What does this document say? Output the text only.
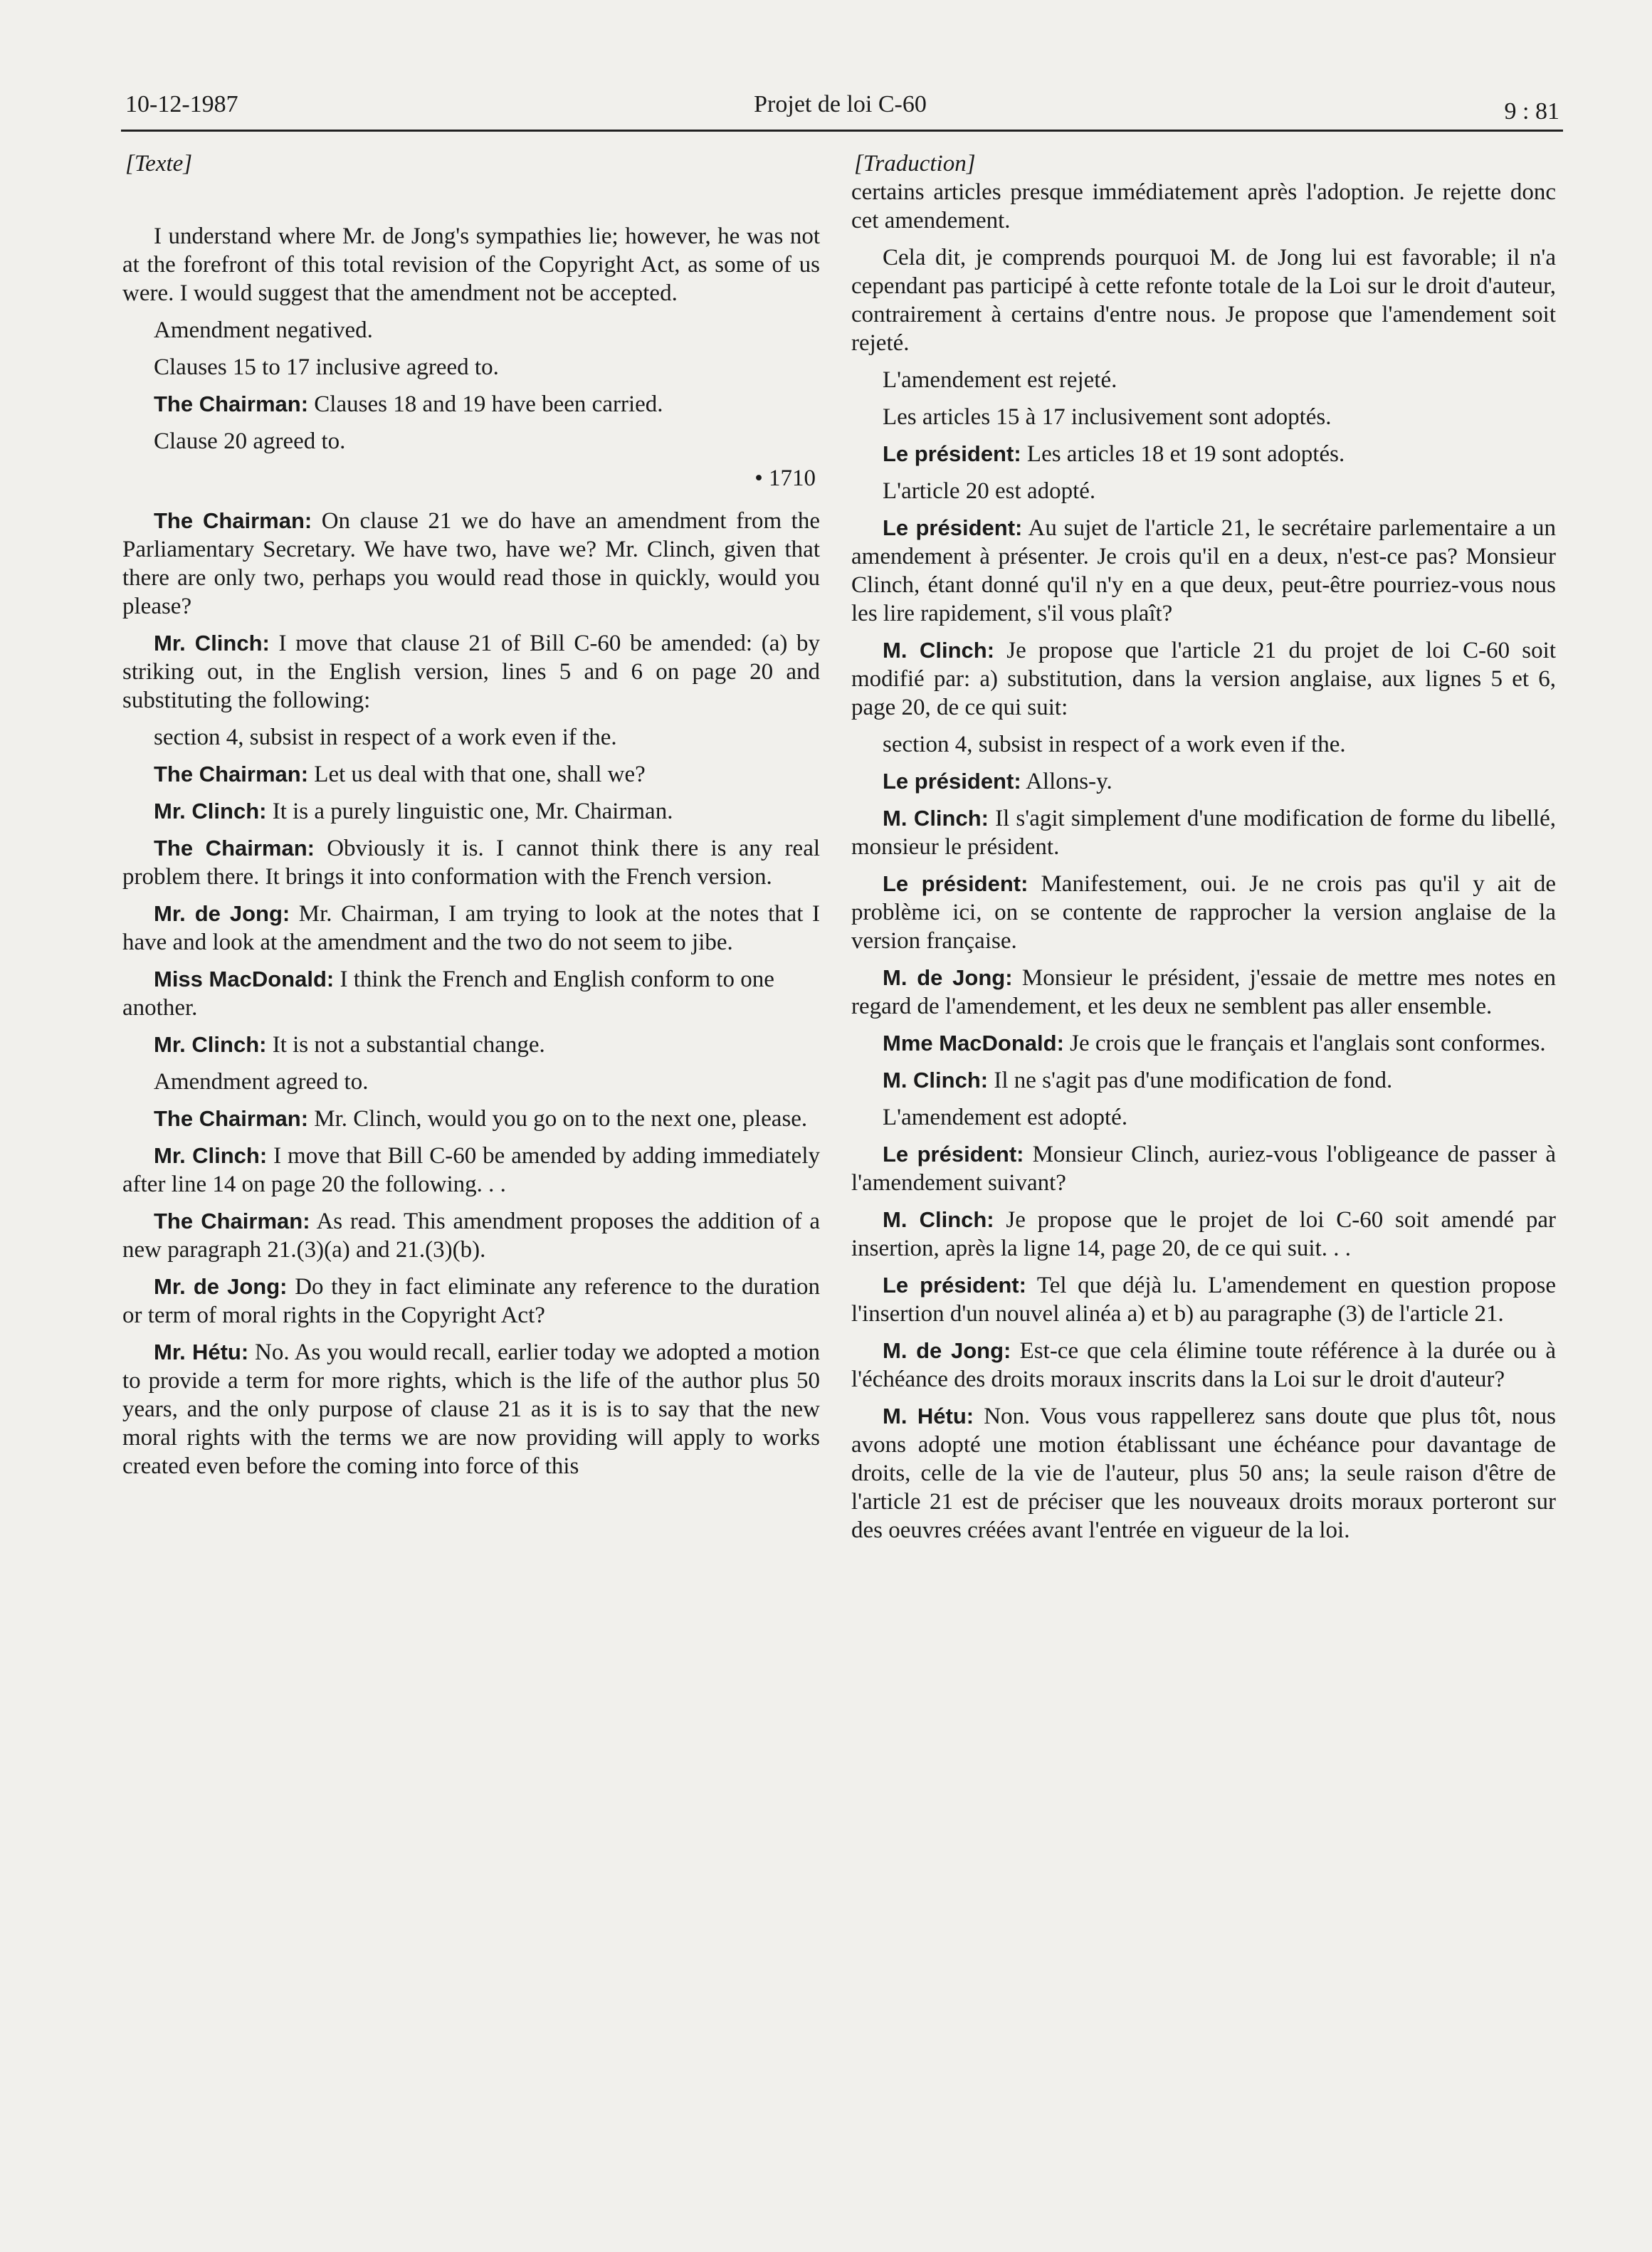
10-12-1987	Projet de loi C-60	9 : 81
[Texte]

I understand where Mr. de Jong's sympathies lie; however, he was not at the forefront of this total revision of the Copyright Act, as some of us were. I would suggest that the amendment not be accepted.

Amendment negatived.

Clauses 15 to 17 inclusive agreed to.

The Chairman: Clauses 18 and 19 have been carried.

Clause 20 agreed to.

• 1710

The Chairman: On clause 21 we do have an amendment from the Parliamentary Secretary. We have two, have we? Mr. Clinch, given that there are only two, perhaps you would read those in quickly, would you please?

Mr. Clinch: I move that clause 21 of Bill C-60 be amended: (a) by striking out, in the English version, lines 5 and 6 on page 20 and substituting the following:

section 4, subsist in respect of a work even if the.

The Chairman: Let us deal with that one, shall we?

Mr. Clinch: It is a purely linguistic one, Mr. Chairman.

The Chairman: Obviously it is. I cannot think there is any real problem there. It brings it into conformation with the French version.

Mr. de Jong: Mr. Chairman, I am trying to look at the notes that I have and look at the amendment and the two do not seem to jibe.

Miss MacDonald: I think the French and English conform to one another.

Mr. Clinch: It is not a substantial change.

Amendment agreed to.

The Chairman: Mr. Clinch, would you go on to the next one, please.

Mr. Clinch: I move that Bill C-60 be amended by adding immediately after line 14 on page 20 the following. . .

The Chairman: As read. This amendment proposes the addition of a new paragraph 21.(3)(a) and 21.(3)(b).

Mr. de Jong: Do they in fact eliminate any reference to the duration or term of moral rights in the Copyright Act?

Mr. Hétu: No. As you would recall, earlier today we adopted a motion to provide a term for more rights, which is the life of the author plus 50 years, and the only purpose of clause 21 as it is is to say that the new moral rights with the terms we are now providing will apply to works created even before the coming into force of this

[Traduction]

certains articles presque immédiatement après l'adoption. Je rejette donc cet amendement.

Cela dit, je comprends pourquoi M. de Jong lui est favorable; il n'a cependant pas participé à cette refonte totale de la Loi sur le droit d'auteur, contrairement à certains d'entre nous. Je propose que l'amendement soit rejeté.

L'amendement est rejeté.

Les articles 15 à 17 inclusivement sont adoptés.

Le président: Les articles 18 et 19 sont adoptés.

L'article 20 est adopté.

Le président: Au sujet de l'article 21, le secrétaire parlementaire a un amendement à présenter. Je crois qu'il en a deux, n'est-ce pas? Monsieur Clinch, étant donné qu'il n'y en a que deux, peut-être pourriez-vous nous les lire rapidement, s'il vous plaît?

M. Clinch: Je propose que l'article 21 du projet de loi C-60 soit modifié par: a) substitution, dans la version anglaise, aux lignes 5 et 6, page 20, de ce qui suit:

section 4, subsist in respect of a work even if the.

Le président: Allons-y.

M. Clinch: Il s'agit simplement d'une modification de forme du libellé, monsieur le président.

Le président: Manifestement, oui. Je ne crois pas qu'il y ait de problème ici, on se contente de rapprocher la version anglaise de la version française.

M. de Jong: Monsieur le président, j'essaie de mettre mes notes en regard de l'amendement, et les deux ne semblent pas aller ensemble.

Mme MacDonald: Je crois que le français et l'anglais sont conformes.

M. Clinch: Il ne s'agit pas d'une modification de fond.

L'amendement est adopté.

Le président: Monsieur Clinch, auriez-vous l'obligeance de passer à l'amendement suivant?

M. Clinch: Je propose que le projet de loi C-60 soit amendé par insertion, après la ligne 14, page 20, de ce qui suit. . .

Le président: Tel que déjà lu. L'amendement en question propose l'insertion d'un nouvel alinéa a) et b) au paragraphe (3) de l'article 21.

M. de Jong: Est-ce que cela élimine toute référence à la durée ou à l'échéance des droits moraux inscrits dans la Loi sur le droit d'auteur?

M. Hétu: Non. Vous vous rappellerez sans doute que plus tôt, nous avons adopté une motion établissant une échéance pour davantage de droits, celle de la vie de l'auteur, plus 50 ans; la seule raison d'être de l'article 21 est de préciser que les nouveaux droits moraux porteront sur des oeuvres créées avant l'entrée en vigueur de la loi.
